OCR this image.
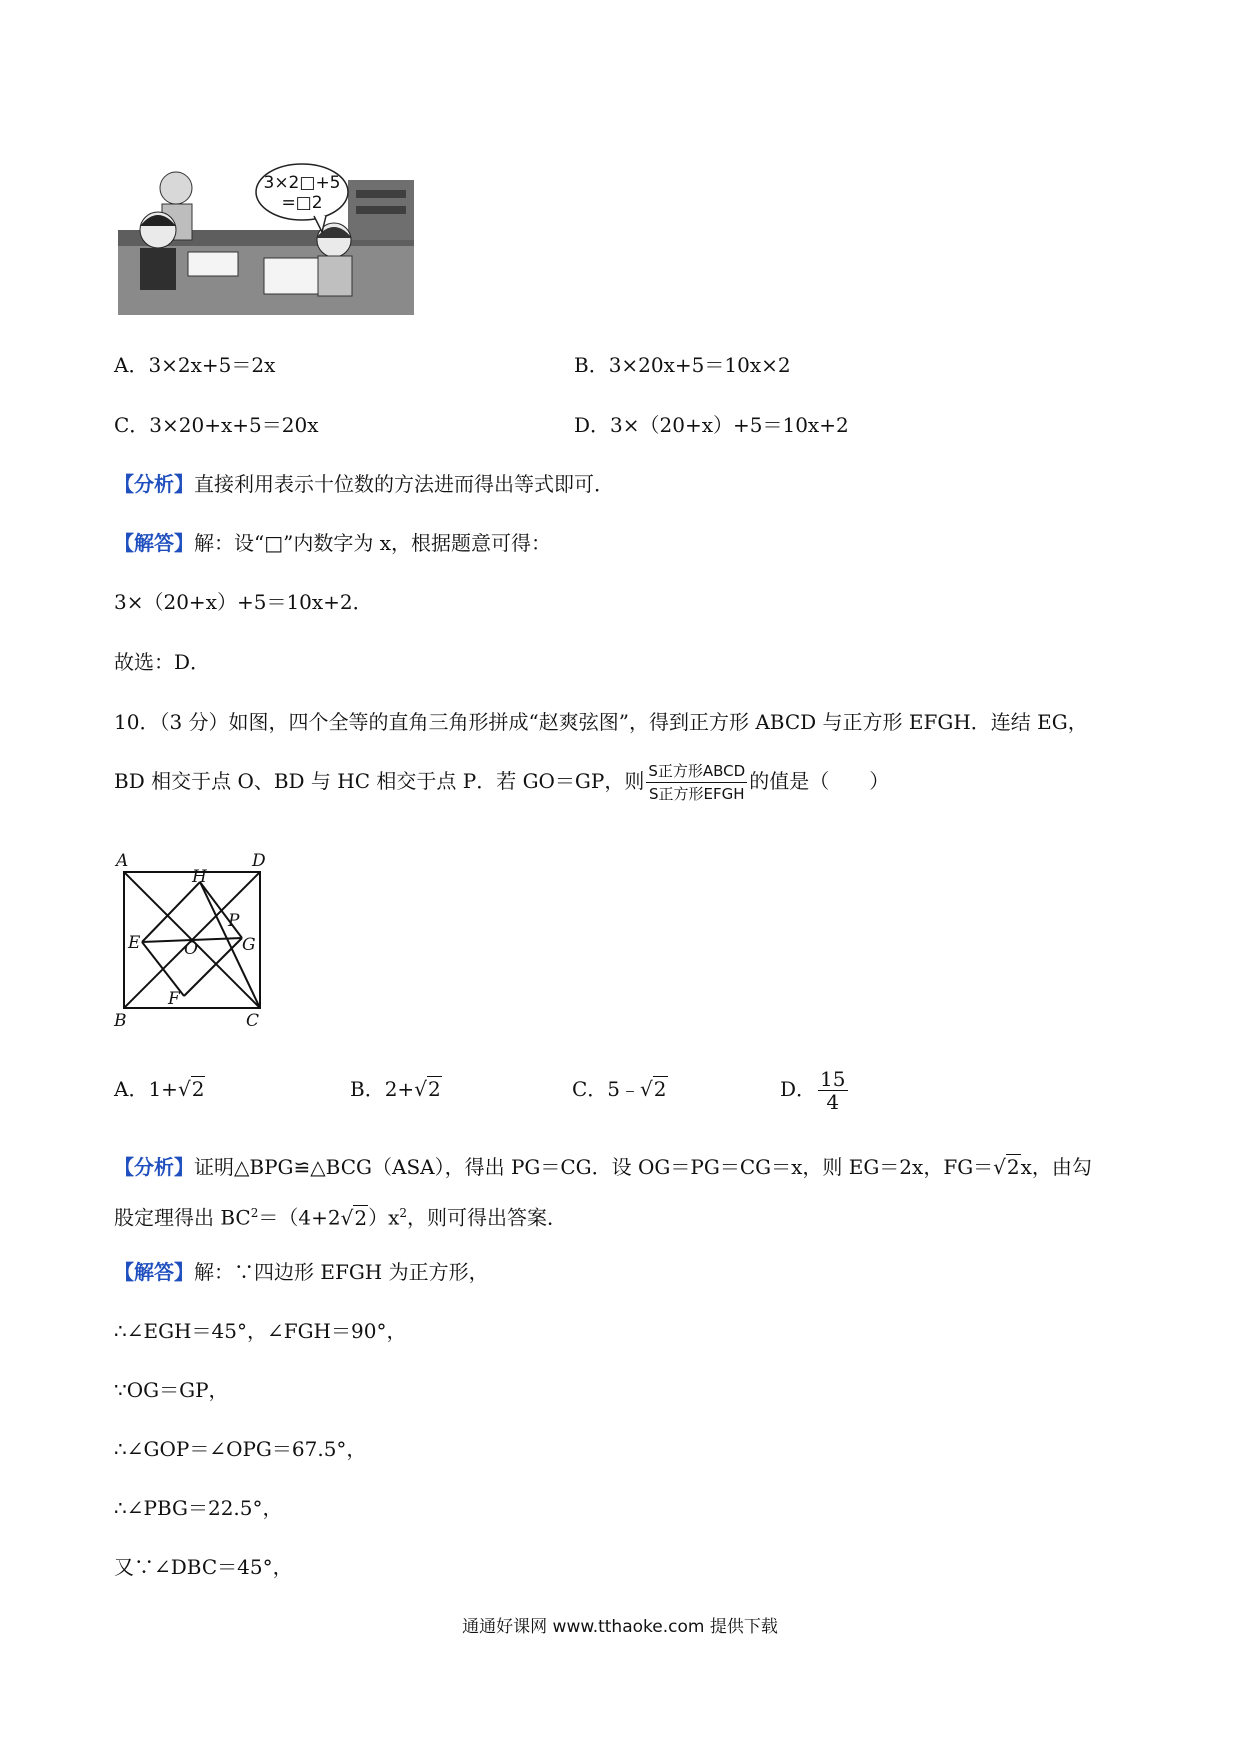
3×2□+5
=□2
A．3×2x+5＝2x	B．3×20x+5＝10x×2
C．3×20+x+5＝20x	D．3×（20+x）+5＝10x+2
【分析】直接利用表示十位数的方法进而得出等式即可．
【解答】解：设“□”内数字为 x，根据题意可得：
3×（20+x）+5＝10x+2．
故选：D．
10．（3 分）如图，四个全等的直角三角形拼成“赵爽弦图”，得到正方形 ABCD 与正方形 EFGH．连结 EG，
BD 相交于点 O、BD 与 HC 相交于点 P．若 GO＝GP，则 $\frac{\text{S正方形ABCD}}{\text{S正方形EFGH}}$ 的值是（　　）
A	D
H
E
P
O	G
F
B	C
A．1+√2	B．2+√2	C．5﹣√2	D． $\frac{15}{4}$
【分析】证明△BPG≌△BCG（ASA），得出 PG＝CG．设 OG＝PG＝CG＝x，则 EG＝2x，FG＝√2x，由勾
股定理得出 $BC^2=(4+2√2)x^2$，则可得出答案．
【解答】解：∵四边形 EFGH 为正方形，
∴∠EGH＝45°，∠FGH＝90°，
∵OG＝GP，
∴∠GOP＝∠OPG＝67.5°，
∴∠PBG＝22.5°，
又∵∠DBC＝45°，
通通好课网 www.tthaoke.com 提供下载
